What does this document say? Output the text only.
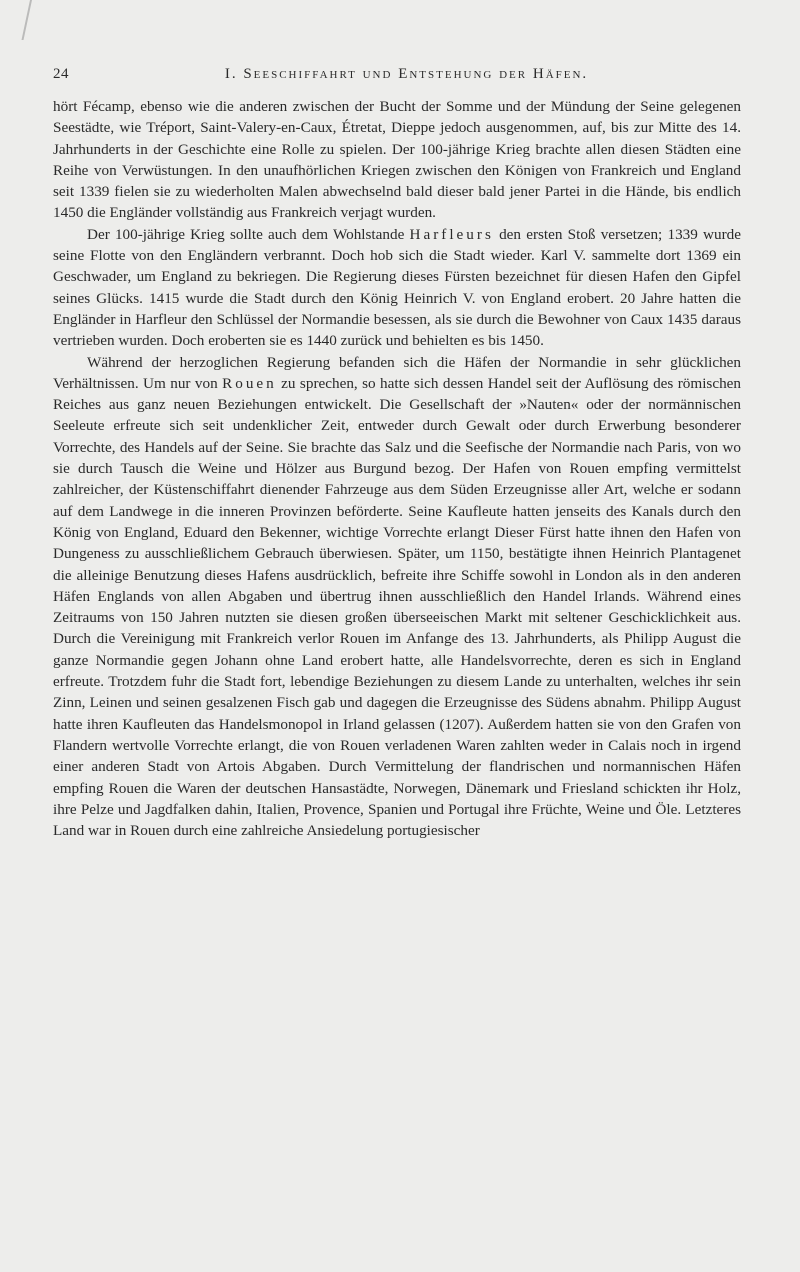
24	I. Seeschiffahrt und Entstehung der Häfen.

hört Fécamp, ebenso wie die anderen zwischen der Bucht der Somme und der Mündung der Seine gelegenen Seestädte, wie Tréport, Saint-Valery-en-Caux, Étretat, Dieppe jedoch ausgenommen, auf, bis zur Mitte des 14. Jahrhunderts in der Geschichte eine Rolle zu spielen. Der 100-jährige Krieg brachte allen diesen Städten eine Reihe von Verwüstungen. In den unaufhörlichen Kriegen zwischen den Königen von Frankreich und England seit 1339 fielen sie zu wiederholten Malen abwechselnd bald dieser bald jener Partei in die Hände, bis endlich 1450 die Engländer vollständig aus Frankreich verjagt wurden.

Der 100-jährige Krieg sollte auch dem Wohlstande Harfleurs den ersten Stoß versetzen; 1339 wurde seine Flotte von den Engländern verbrannt. Doch hob sich die Stadt wieder. Karl V. sammelte dort 1369 ein Geschwader, um England zu bekriegen. Die Regierung dieses Fürsten bezeichnet für diesen Hafen den Gipfel seines Glücks. 1415 wurde die Stadt durch den König Heinrich V. von England erobert. 20 Jahre hatten die Engländer in Harfleur den Schlüssel der Normandie besessen, als sie durch die Bewohner von Caux 1435 daraus vertrieben wurden. Doch eroberten sie es 1440 zurück und behielten es bis 1450.

Während der herzoglichen Regierung befanden sich die Häfen der Normandie in sehr glücklichen Verhältnissen. Um nur von Rouen zu sprechen, so hatte sich dessen Handel seit der Auflösung des römischen Reiches aus ganz neuen Beziehungen entwickelt. Die Gesellschaft der »Nauten« oder der normännischen Seeleute erfreute sich seit undenklicher Zeit, entweder durch Gewalt oder durch Erwerbung besonderer Vorrechte, des Handels auf der Seine. Sie brachte das Salz und die Seefische der Normandie nach Paris, von wo sie durch Tausch die Weine und Hölzer aus Burgund bezog. Der Hafen von Rouen empfing vermittelst zahlreicher, der Küstenschiffahrt dienender Fahrzeuge aus dem Süden Erzeugnisse aller Art, welche er sodann auf dem Landwege in die inneren Provinzen beförderte. Seine Kaufleute hatten jenseits des Kanals durch den König von England, Eduard den Bekenner, wichtige Vorrechte erlangt Dieser Fürst hatte ihnen den Hafen von Dungeness zu ausschließlichem Gebrauch überwiesen. Später, um 1150, bestätigte ihnen Heinrich Plantagenet die alleinige Benutzung dieses Hafens ausdrücklich, befreite ihre Schiffe sowohl in London als in den anderen Häfen Englands von allen Abgaben und übertrug ihnen ausschließlich den Handel Irlands. Während eines Zeitraums von 150 Jahren nutzten sie diesen großen überseeischen Markt mit seltener Geschicklichkeit aus. Durch die Vereinigung mit Frankreich verlor Rouen im Anfange des 13. Jahrhunderts, als Philipp August die ganze Normandie gegen Johann ohne Land erobert hatte, alle Handelsvorrechte, deren es sich in England erfreute. Trotzdem fuhr die Stadt fort, lebendige Beziehungen zu diesem Lande zu unterhalten, welches ihr sein Zinn, Leinen und seinen gesalzenen Fisch gab und dagegen die Erzeugnisse des Südens abnahm. Philipp August hatte ihren Kaufleuten das Handelsmonopol in Irland gelassen (1207). Außerdem hatten sie von den Grafen von Flandern wertvolle Vorrechte erlangt, die von Rouen verladenen Waren zahlten weder in Calais noch in irgend einer anderen Stadt von Artois Abgaben. Durch Vermittelung der flandrischen und normannischen Häfen empfing Rouen die Waren der deutschen Hansastädte, Norwegen, Dänemark und Friesland schickten ihr Holz, ihre Pelze und Jagdfalken dahin, Italien, Provence, Spanien und Portugal ihre Früchte, Weine und Öle. Letzteres Land war in Rouen durch eine zahlreiche Ansiedelung portugiesischer
